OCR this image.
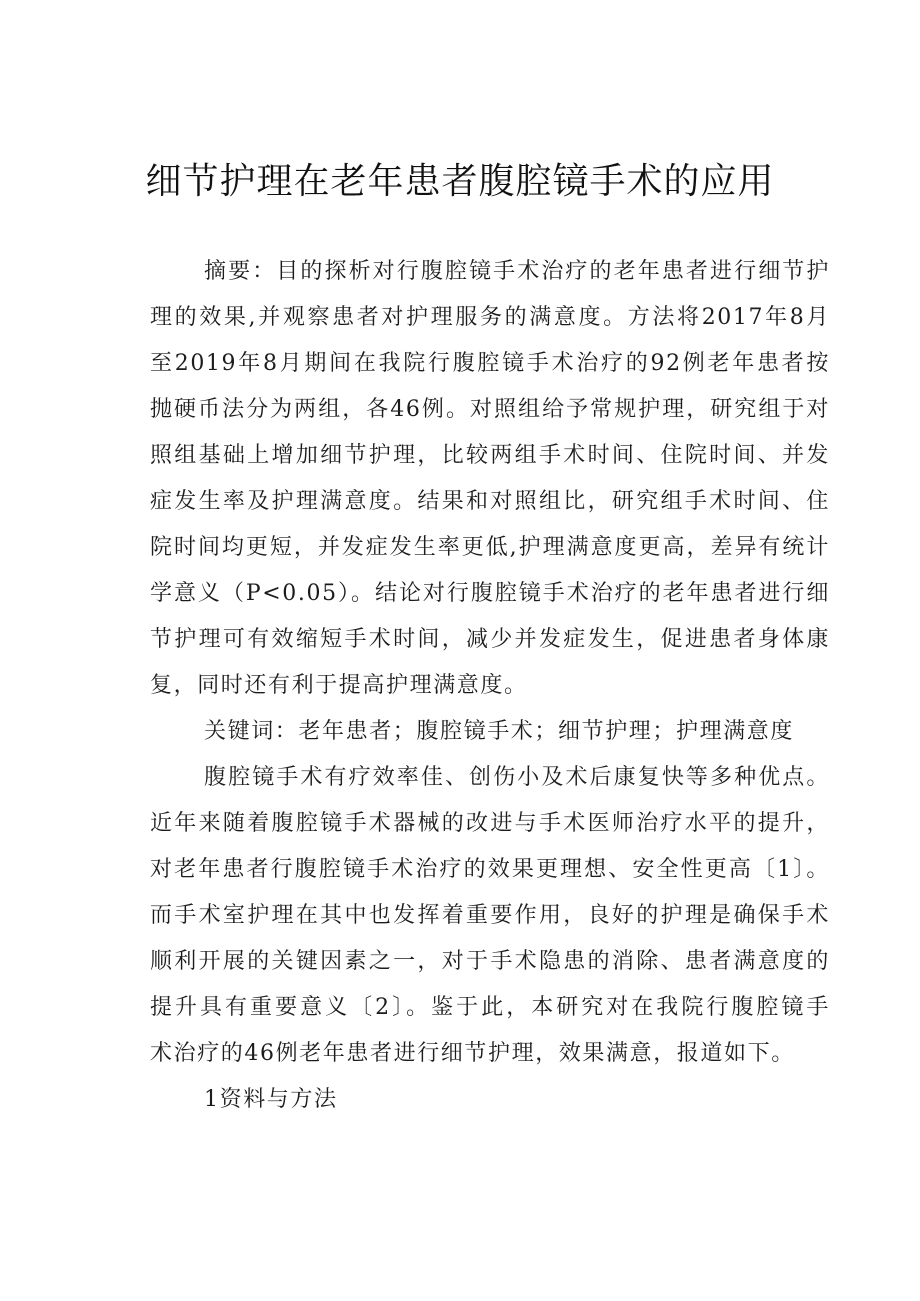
细节护理在老年患者腹腔镜手术的应用

摘要：目的探析对行腹腔镜手术治疗的老年患者进行细节护

理的效果,并观察患者对护理服务的满意度。方法将2017年8月

至2019年8月期间在我院行腹腔镜手术治疗的92例老年患者按

抛硬币法分为两组，各46例。对照组给予常规护理，研究组于对

照组基础上增加细节护理，比较两组手术时间、住院时间、并发

症发生率及护理满意度。结果和对照组比，研究组手术时间、住

院时间均更短，并发症发生率更低,护理满意度更高，差异有统计

学意义（P<0.05）。结论对行腹腔镜手术治疗的老年患者进行细

节护理可有效缩短手术时间，减少并发症发生，促进患者身体康

复，同时还有利于提高护理满意度。

关键词：老年患者；腹腔镜手术；细节护理；护理满意度

腹腔镜手术有疗效率佳、创伤小及术后康复快等多种优点。

近年来随着腹腔镜手术器械的改进与手术医师治疗水平的提升，

对老年患者行腹腔镜手术治疗的效果更理想、安全性更高〔1〕。

而手术室护理在其中也发挥着重要作用，良好的护理是确保手术

顺利开展的关键因素之一，对于手术隐患的消除、患者满意度的

提升具有重要意义〔2〕。鉴于此，本研究对在我院行腹腔镜手

术治疗的46例老年患者进行细节护理，效果满意，报道如下。

1资料与方法
